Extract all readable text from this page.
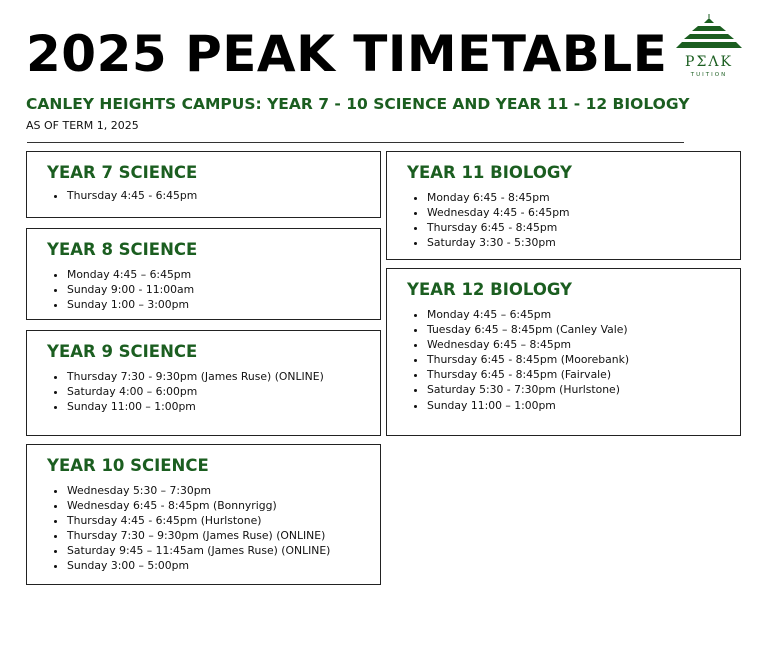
2025 PEAK TIMETABLE	ΡΣΛK
TUITION
CANLEY HEIGHTS CAMPUS: YEAR 7 - 10 SCIENCE AND YEAR 11 - 12 BIOLOGY
AS OF TERM 1, 2025
YEAR 7 SCIENCE
• Thursday 4:45 - 6:45pm
YEAR 8 SCIENCE
• Monday 4:45 – 6:45pm
• Sunday 9:00 - 11:00am
• Sunday 1:00 – 3:00pm
YEAR 9 SCIENCE
• Thursday 7:30 - 9:30pm (James Ruse) (ONLINE)
• Saturday 4:00 – 6:00pm
• Sunday 11:00 – 1:00pm
YEAR 10 SCIENCE
• Wednesday 5:30 – 7:30pm
• Wednesday 6:45 - 8:45pm (Bonnyrigg)
• Thursday 4:45 - 6:45pm (Hurlstone)
• Thursday 7:30 – 9:30pm (James Ruse) (ONLINE)
• Saturday 9:45 – 11:45am (James Ruse) (ONLINE)
• Sunday 3:00 – 5:00pm
YEAR 11 BIOLOGY
• Monday 6:45 - 8:45pm
• Wednesday 4:45 - 6:45pm
• Thursday 6:45 - 8:45pm
• Saturday 3:30 - 5:30pm
YEAR 12 BIOLOGY
• Monday 4:45 – 6:45pm
• Tuesday 6:45 – 8:45pm (Canley Vale)
• Wednesday 6:45 – 8:45pm
• Thursday 6:45 - 8:45pm (Moorebank)
• Thursday 6:45 - 8:45pm (Fairvale)
• Saturday 5:30 - 7:30pm (Hurlstone)
• Sunday 11:00 – 1:00pm
